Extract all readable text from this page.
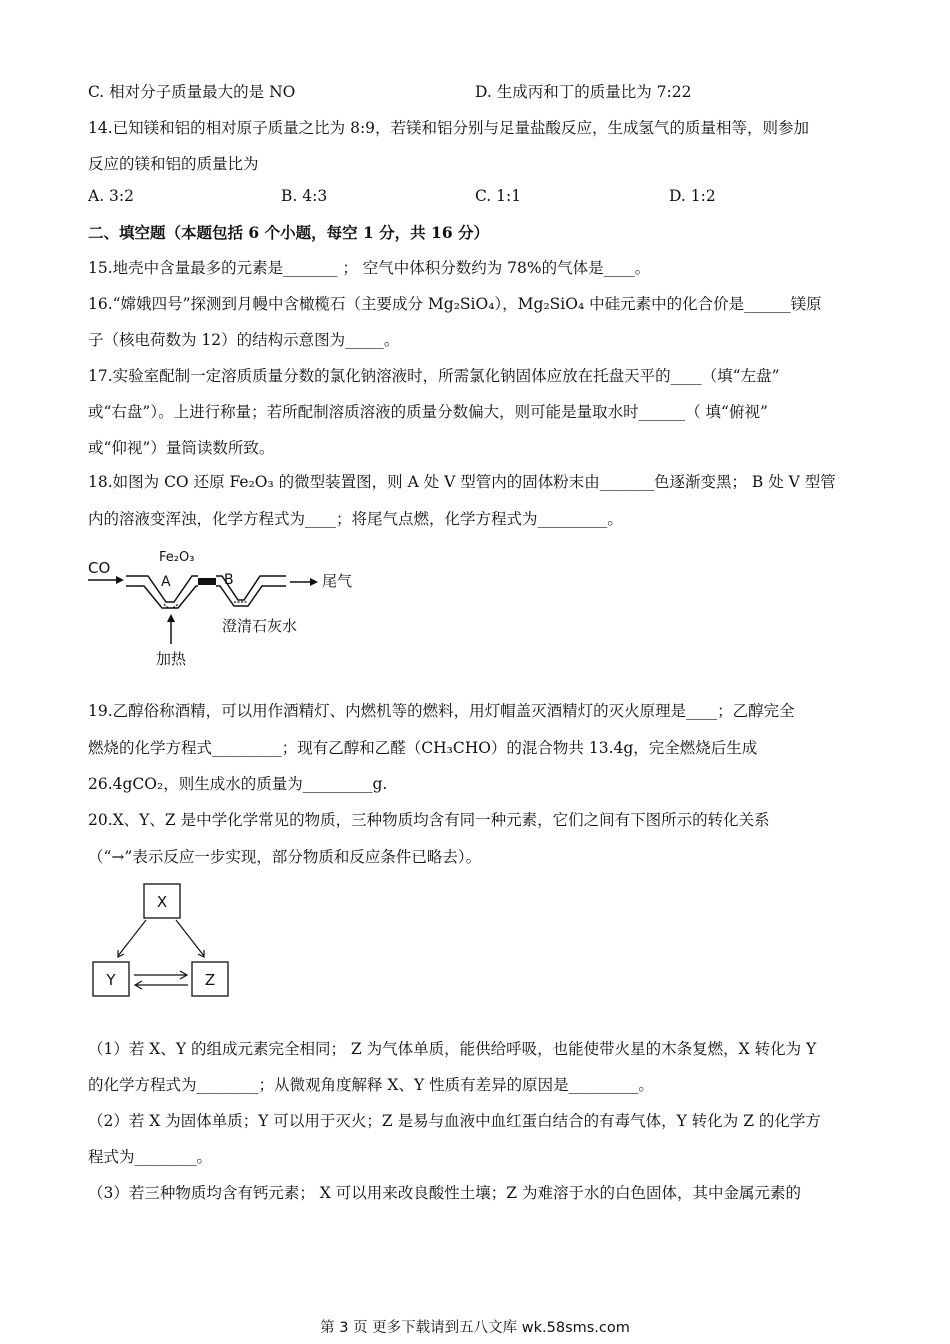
C. 相对分子质量最大的是 NO	D. 生成丙和丁的质量比为 7:22
14.已知镁和铝的相对原子质量之比为 8:9，若镁和铝分别与足量盐酸反应，生成氢气的质量相等，则参加
反应的镁和铝的质量比为
A. 3:2	B. 4:3	C. 1:1	D. 1:2
二、填空题（本题包括 6 个小题，每空 1 分，共 16 分）
15.地壳中含量最多的元素是_______ ； 空气中体积分数约为 78%的气体是____。
16.“嫦娥四号”探测到月幔中含橄榄石（主要成分 Mg₂SiO₄），Mg₂SiO₄ 中硅元素中的化合价是______镁原
子（核电荷数为 12）的结构示意图为_____。
17.实验室配制一定溶质质量分数的氯化钠溶液时，所需氯化钠固体应放在托盘天平的____（填“左盘”
或“右盘”）。上进行称量；若所配制溶质溶液的质量分数偏大，则可能是量取水时______（ 填“俯视”
或“仰视”）量筒读数所致。
18.如图为 CO 还原 Fe₂O₃ 的微型装置图，则 A 处 V 型管内的固体粉末由_______色逐渐变黑； B 处 V 型管
内的溶液变浑浊，化学方程式为____；将尾气点燃，化学方程式为_________。
CO
Fe₂O₃
A	B	尾气
澄清石灰水
加热
19.乙醇俗称酒精，可以用作酒精灯、内燃机等的燃料，用灯帽盖灭酒精灯的灭火原理是____；乙醇完全
燃烧的化学方程式_________；现有乙醇和乙醛（CH₃CHO）的混合物共 13.4g，完全燃烧后生成
26.4gCO₂，则生成水的质量为_________g.
20.X、Y、Z 是中学化学常见的物质，三种物质均含有同一种元素，它们之间有下图所示的转化关系
（“→”表示反应一步实现，部分物质和反应条件已略去）。
X
Y	Z
（1）若 X、Y 的组成元素完全相同； Z 为气体单质，能供给呼吸，也能使带火星的木条复燃，X 转化为 Y
的化学方程式为________；从微观角度解释 X、Y 性质有差异的原因是_________。
（2）若 X 为固体单质；Y 可以用于灭火；Z 是易与血液中血红蛋白结合的有毒气体，Y 转化为 Z 的化学方
程式为________。
（3）若三种物质均含有钙元素； X 可以用来改良酸性土壤；Z 为难溶于水的白色固体，其中金属元素的
第 3 页 更多下载请到五八文库 wk.58sms.com
